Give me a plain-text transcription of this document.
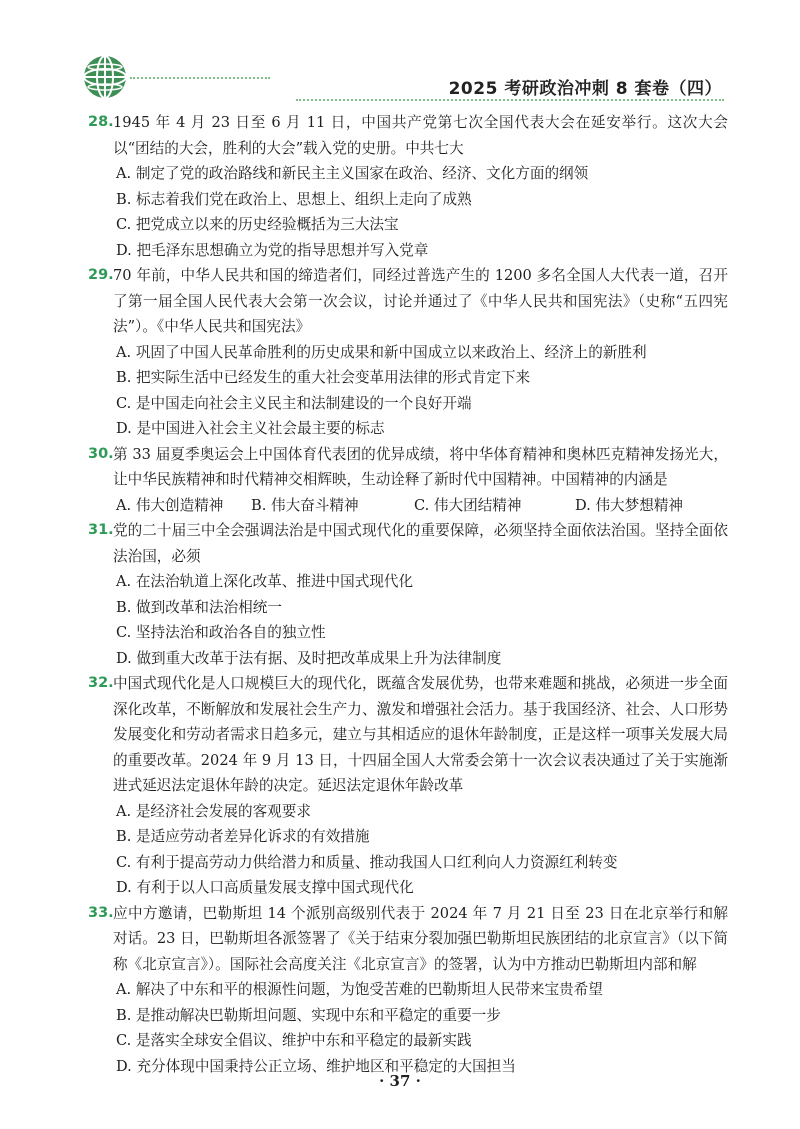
2025 考研政治冲刺 8 套卷（四）
28. 1945 年 4 月 23 日至 6 月 11 日，中国共产党第七次全国代表大会在延安举行。这次大会以“团结的大会，胜利的大会”载入党的史册。中共七大
A. 制定了党的政治路线和新民主主义国家在政治、经济、文化方面的纲领
B. 标志着我们党在政治上、思想上、组织上走向了成熟
C. 把党成立以来的历史经验概括为三大法宝
D. 把毛泽东思想确立为党的指导思想并写入党章
29. 70 年前，中华人民共和国的缔造者们，同经过普选产生的 1200 多名全国人大代表一道，召开了第一届全国人民代表大会第一次会议，讨论并通过了《中华人民共和国宪法》（史称“五四宪法”）。《中华人民共和国宪法》
A. 巩固了中国人民革命胜利的历史成果和新中国成立以来政治上、经济上的新胜利
B. 把实际生活中已经发生的重大社会变革用法律的形式肯定下来
C. 是中国走向社会主义民主和法制建设的一个良好开端
D. 是中国进入社会主义社会最主要的标志
30. 第 33 届夏季奥运会上中国体育代表团的优异成绩，将中华体育精神和奥林匹克精神发扬光大，让中华民族精神和时代精神交相辉映，生动诠释了新时代中国精神。中国精神的内涵是
A. 伟大创造精神	B. 伟大奋斗精神	C. 伟大团结精神	D. 伟大梦想精神
31. 党的二十届三中全会强调法治是中国式现代化的重要保障，必须坚持全面依法治国。坚持全面依法治国，必须
A. 在法治轨道上深化改革、推进中国式现代化
B. 做到改革和法治相统一
C. 坚持法治和政治各自的独立性
D. 做到重大改革于法有据、及时把改革成果上升为法律制度
32. 中国式现代化是人口规模巨大的现代化，既蕴含发展优势，也带来难题和挑战，必须进一步全面深化改革，不断解放和发展社会生产力、激发和增强社会活力。基于我国经济、社会、人口形势发展变化和劳动者需求日趋多元，建立与其相适应的退休年龄制度，正是这样一项事关发展大局的重要改革。2024 年 9 月 13 日，十四届全国人大常委会第十一次会议表决通过了关于实施渐进式延迟法定退休年龄的决定。延迟法定退休年龄改革
A. 是经济社会发展的客观要求
B. 是适应劳动者差异化诉求的有效措施
C. 有利于提高劳动力供给潜力和质量、推动我国人口红利向人力资源红利转变
D. 有利于以人口高质量发展支撑中国式现代化
33. 应中方邀请，巴勒斯坦 14 个派别高级别代表于 2024 年 7 月 21 日至 23 日在北京举行和解对话。23 日，巴勒斯坦各派签署了《关于结束分裂加强巴勒斯坦民族团结的北京宣言》（以下简称《北京宣言》）。国际社会高度关注《北京宣言》的签署，认为中方推动巴勒斯坦内部和解
A. 解决了中东和平的根源性问题，为饱受苦难的巴勒斯坦人民带来宝贵希望
B. 是推动解决巴勒斯坦问题、实现中东和平稳定的重要一步
C. 是落实全球安全倡议、维护中东和平稳定的最新实践
D. 充分体现中国秉持公正立场、维护地区和平稳定的大国担当
· 37 ·
